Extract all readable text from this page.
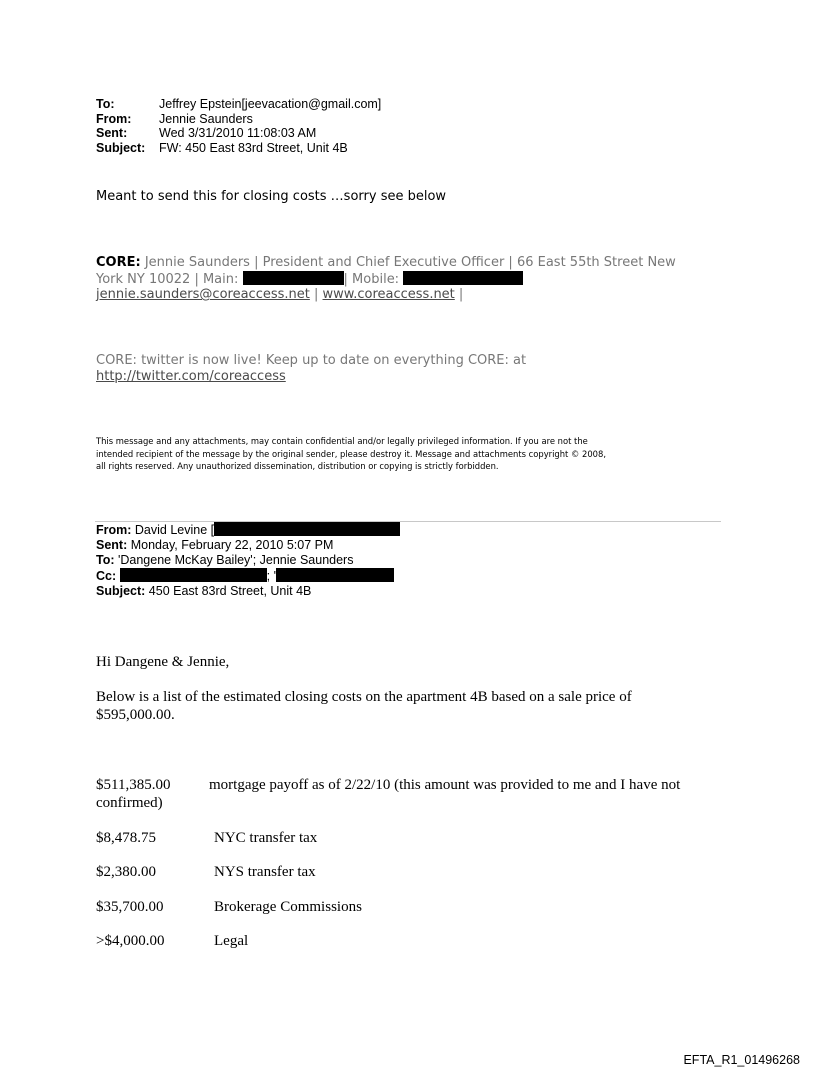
To:	Jeffrey Epstein[jeevacation@gmail.com]
From: Jennie Saunders
Sent:	Wed 3/31/2010 11:08:03 AM
Subject: FW: 450 East 83rd Street, Unit 4B
Meant to send this for closing costs …sorry see below
CORE: Jennie Saunders | President and Chief Executive Officer | 66 East 55th Street New
York NY 10022 | Main:	| Mobile:
jennie.saunders@coreaccess.net | www.coreaccess.net |
CORE: twitter is now live! Keep up to date on everything CORE: at
http://twitter.com/coreaccess
This message and any attachments, may contain confidential and/or legally privileged information. If you are not the
intended recipient of the message by the original sender, please destroy it. Message and attachments copyright © 2008,
all rights reserved. Any unauthorized dissemination, distribution or copying is strictly forbidden.
From: David Levine [
Sent: Monday, February 22, 2010 5:07 PM
To: 'Dangene McKay Bailey'; Jennie Saunders
Cc:	; '
Subject: 450 East 83rd Street, Unit 4B
Hi Dangene & Jennie,
Below is a list of the estimated closing costs on the apartment 4B based on a sale price of
$595,000.00.
$511,385.00	mortgage payoff as of 2/22/10 (this amount was provided to me and I have not
confirmed)
$8,478.75	NYC transfer tax
$2,380.00	NYS transfer tax
$35,700.00	Brokerage Commissions
>$4,000.00	Legal
EFTA_R1_01496268
